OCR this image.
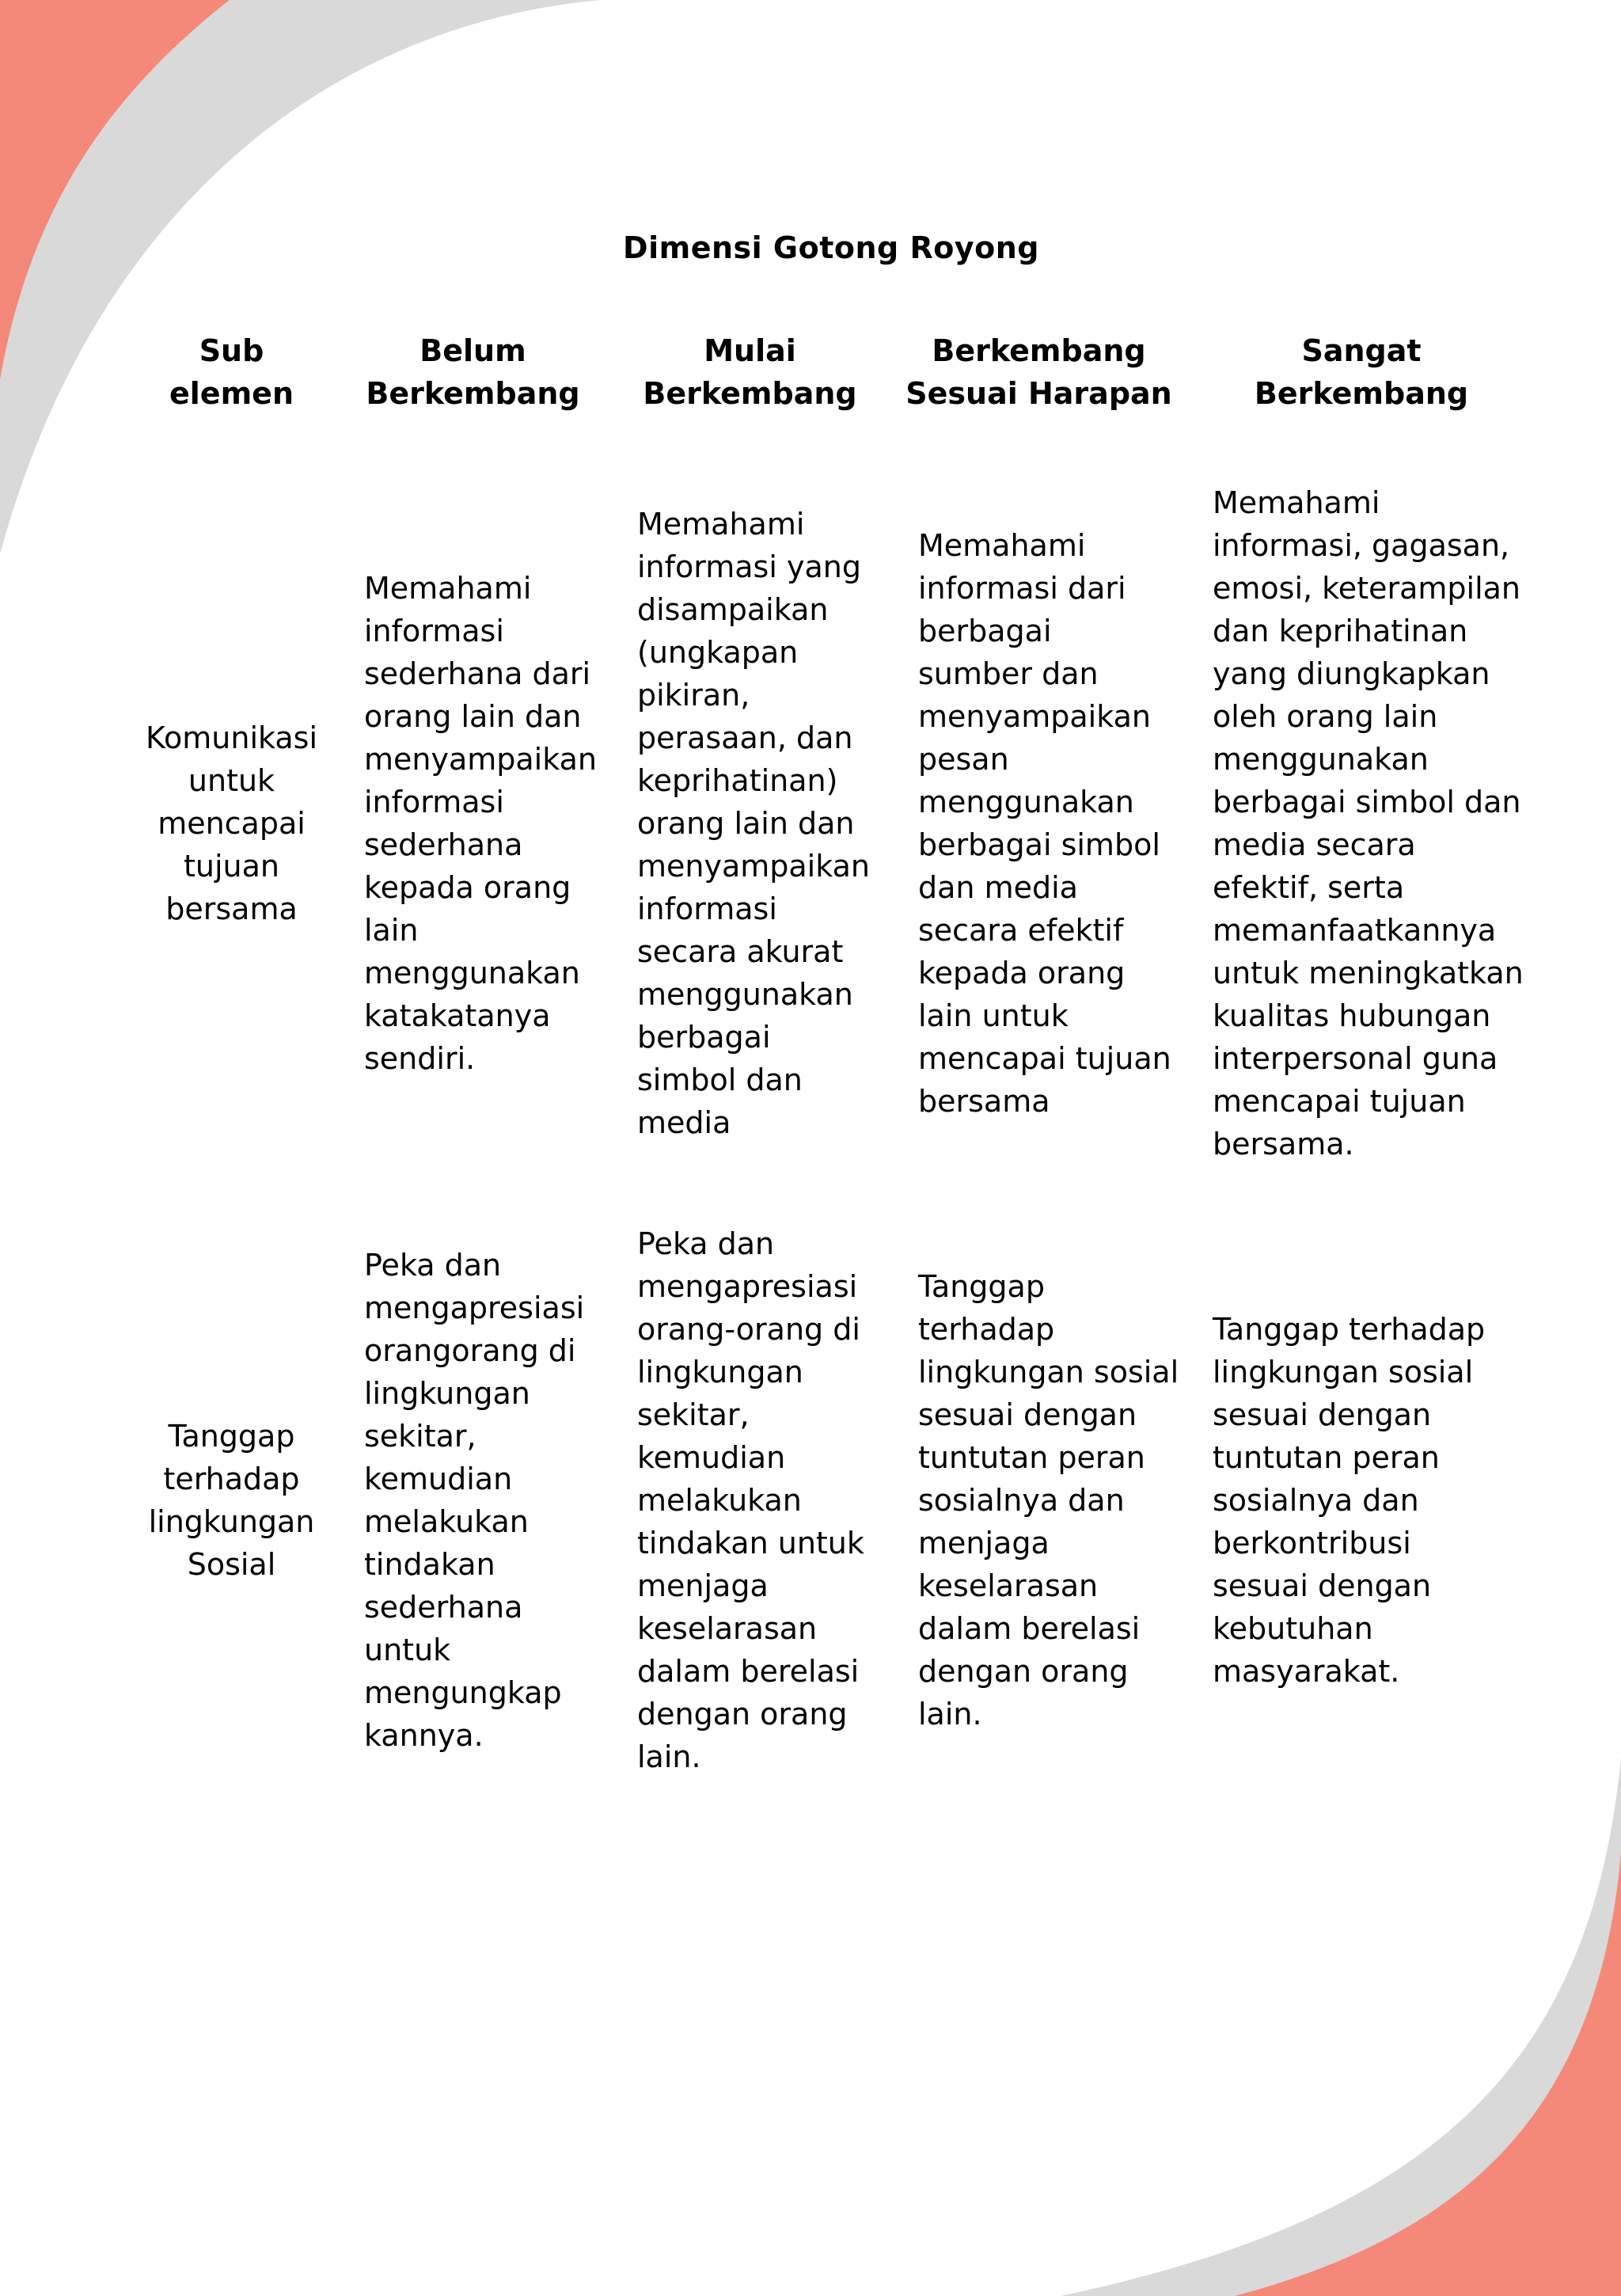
Dimensi Gotong Royong
Sub
elemen
Belum
Berkembang
Mulai
Berkembang
Berkembang
Sesuai Harapan
Sangat
Berkembang
Komunikasi
untuk
mencapai
tujuan
bersama
Memahami
informasi
sederhana dari
orang lain dan
menyampaikan
informasi
sederhana
kepada orang
lain
menggunakan
katakatanya
sendiri.
Memahami
informasi yang
disampaikan
(ungkapan
pikiran,
perasaan, dan
keprihatinan)
orang lain dan
menyampaikan
informasi
secara akurat
menggunakan
berbagai
simbol dan
media
Memahami
informasi dari
berbagai
sumber dan
menyampaikan
pesan
menggunakan
berbagai simbol
dan media
secara efektif
kepada orang
lain untuk
mencapai tujuan
bersama
Memahami
informasi, gagasan,
emosi, keterampilan
dan keprihatinan
yang diungkapkan
oleh orang lain
menggunakan
berbagai simbol dan
media secara
efektif, serta
memanfaatkannya
untuk meningkatkan
kualitas hubungan
interpersonal guna
mencapai tujuan
bersama.
Tanggap
terhadap
lingkungan
Sosial
Peka dan
mengapresiasi
orangorang di
lingkungan
sekitar,
kemudian
melakukan
tindakan
sederhana
untuk
mengungkap
kannya.
Peka dan
mengapresiasi
orang-orang di
lingkungan
sekitar,
kemudian
melakukan
tindakan untuk
menjaga
keselarasan
dalam berelasi
dengan orang
lain.
Tanggap
terhadap
lingkungan sosial
sesuai dengan
tuntutan peran
sosialnya dan
menjaga
keselarasan
dalam berelasi
dengan orang
lain.
Tanggap terhadap
lingkungan sosial
sesuai dengan
tuntutan peran
sosialnya dan
berkontribusi
sesuai dengan
kebutuhan
masyarakat.
